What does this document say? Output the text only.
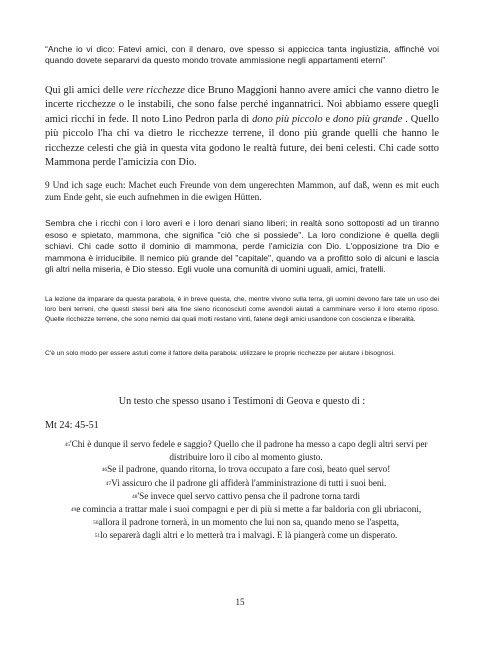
“Anche io vi dico: Fatevi amici, con il denaro, ove spesso si appiccica tanta ingiustizia, affinché voi quando dovete separarvi da questo mondo trovate ammissione negli appartamenti eterni”

Qui gli amici delle vere ricchezze dice Bruno Maggioni hanno avere amici che vanno dietro le incerte ricchezze o le instabili, che sono false perché ingannatrici. Noi abbiamo essere quegli amici ricchi in fede. Il noto Lino Pedron parla di dono più piccolo e dono più grande . Quello più piccolo l'ha chi va dietro le ricchezze terrene, il dono più grande quelli che hanno le ricchezze celesti che già in questa vita godono le realtà future, dei beni celesti. Chi cade sotto Mammona perde l'amicizia con Dio.

9 Und ich sage euch: Machet euch Freunde von dem ungerechten Mammon, auf daß, wenn es mit euch zum Ende geht, sie euch aufnehmen in die ewigen Hütten.

Sembra che i ricchi con i loro averi e i loro denari siano liberi; in realtà sono sottoposti ad un tiranno esoso e spietato, mammona, che significa "ciò che si possiede". La loro condizione è quella degli schiavi. Chi cade sotto il dominio di mammona, perde l'amicizia con Dio. L'opposizione tra Dio e mammona è irriducibile. Il nemico più grande del "capitale", quando va a profitto solo di alcuni e lascia gli altri nella miseria, è Dio stesso. Egli vuole una comunità di uomini uguali, amici, fratelli.

La lezione da imparare da questa parabola, è in breve questa, che, mentre vivono sulla terra, gli uomini devono fare tale un uso dei loro beni terreni, che questi stessi beni alla fine sieno riconosciuti come avendoli aiutati a camminare verso il loro eterno riposo. Quelle ricchezze terrene, che sono nemici dai quali molti restano vinti, fatene degli amici usandone con coscienza e liberalità.

C'è un solo modo per essere astuti come il fattore della parabola: utilizzare le proprie ricchezze per aiutare i bisognosi.

Un testo che spesso usano i Testimoni di Geova e questo di :

Mt 24: 45-51

$^{45}$'Chi è dunque il servo fedele e saggio? Quello che il padrone ha messo a capo degli altri servi per distribuire loro il cibo al momento giusto.
$^{46}$Se il padrone, quando ritorna, lo trova occupato a fare così, beato quel servo!
$^{47}$Vi assicuro che il padrone gli affiderà l'amministrazione di tutti i suoi beni.
$^{48}$'Se invece quel servo cattivo pensa che il padrone torna tardi
$^{49}$e comincia a trattar male i suoi compagni e per di più si mette a far baldoria con gli ubriaconi,
$^{50}$allora il padrone tornerà, in un momento che lui non sa, quando meno se l'aspetta,
$^{51}$lo separerà dagli altri e lo metterà tra i malvagi. E là piangerà come un disperato.
15
